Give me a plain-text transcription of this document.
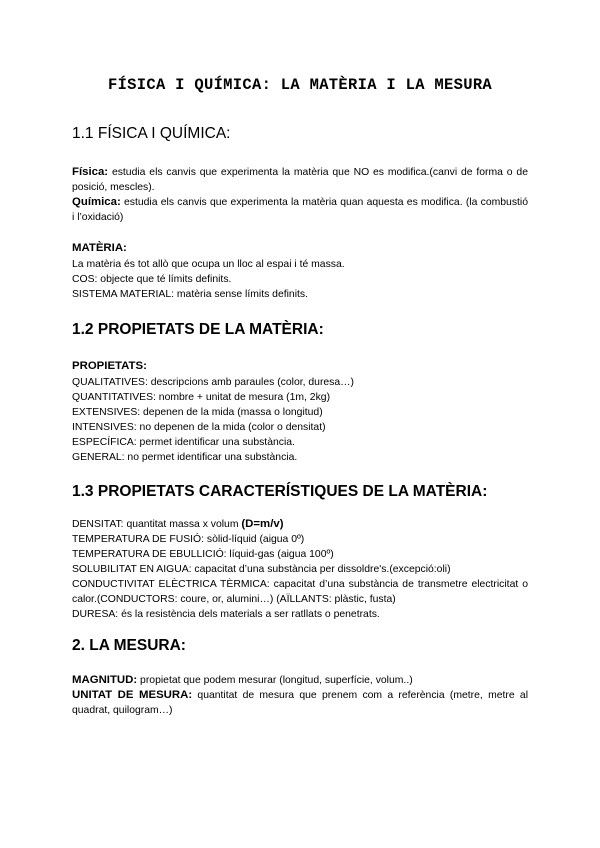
FÍSICA I QUÍMICA: LA MATÈRIA I LA MESURA
1.1 FÍSICA I QUÍMICA:

Física: estudia els canvis que experimenta la matèria que NO es modifica.(canvi de forma o de posició, mescles).

Química: estudia els canvis que experimenta la matèria quan aquesta es modifica. (la combustió i l’oxidació)

MATÈRIA:

La matèria és tot allò que ocupa un lloc al espai i té massa.

COS: objecte que té límits definits.

SISTEMA MATERIAL: matèria sense límits definits.

1.2 PROPIETATS DE LA MATÈRIA:

PROPIETATS:

QUALITATIVES: descripcions amb paraules (color, duresa…)

QUANTITATIVES: nombre + unitat de mesura (1m, 2kg)

EXTENSIVES: depenen de la mida (massa o longitud)

INTENSIVES: no depenen de la mida (color o densitat)

ESPECÍFICA: permet identificar una substància.

GENERAL: no permet identificar una substància.

1.3 PROPIETATS CARACTERÍSTIQUES DE LA MATÈRIA:

DENSITAT: quantitat massa x volum (D=m/v)

TEMPERATURA DE FUSIÓ: sòlid-líquid (aigua 0º)

TEMPERATURA DE EBULLICIÓ: líquid-gas (aigua 100º)

SOLUBILITAT EN AIGUA: capacitat d’una substància per dissoldre's.(excepció:oli)

CONDUCTIVITAT ELÈCTRICA TÈRMICA: capacitat d’una substància de transmetre electricitat o calor.(CONDUCTORS: coure, or, alumini…) (AÏLLANTS: plàstic, fusta)

DURESA: és la resistència dels materials a ser ratllats o penetrats.

2. LA MESURA:

MAGNITUD: propietat que podem mesurar (longitud, superfície, volum..)

UNITAT DE MESURA: quantitat de mesura que prenem com a referència (metre, metre al quadrat, quilogram…)
